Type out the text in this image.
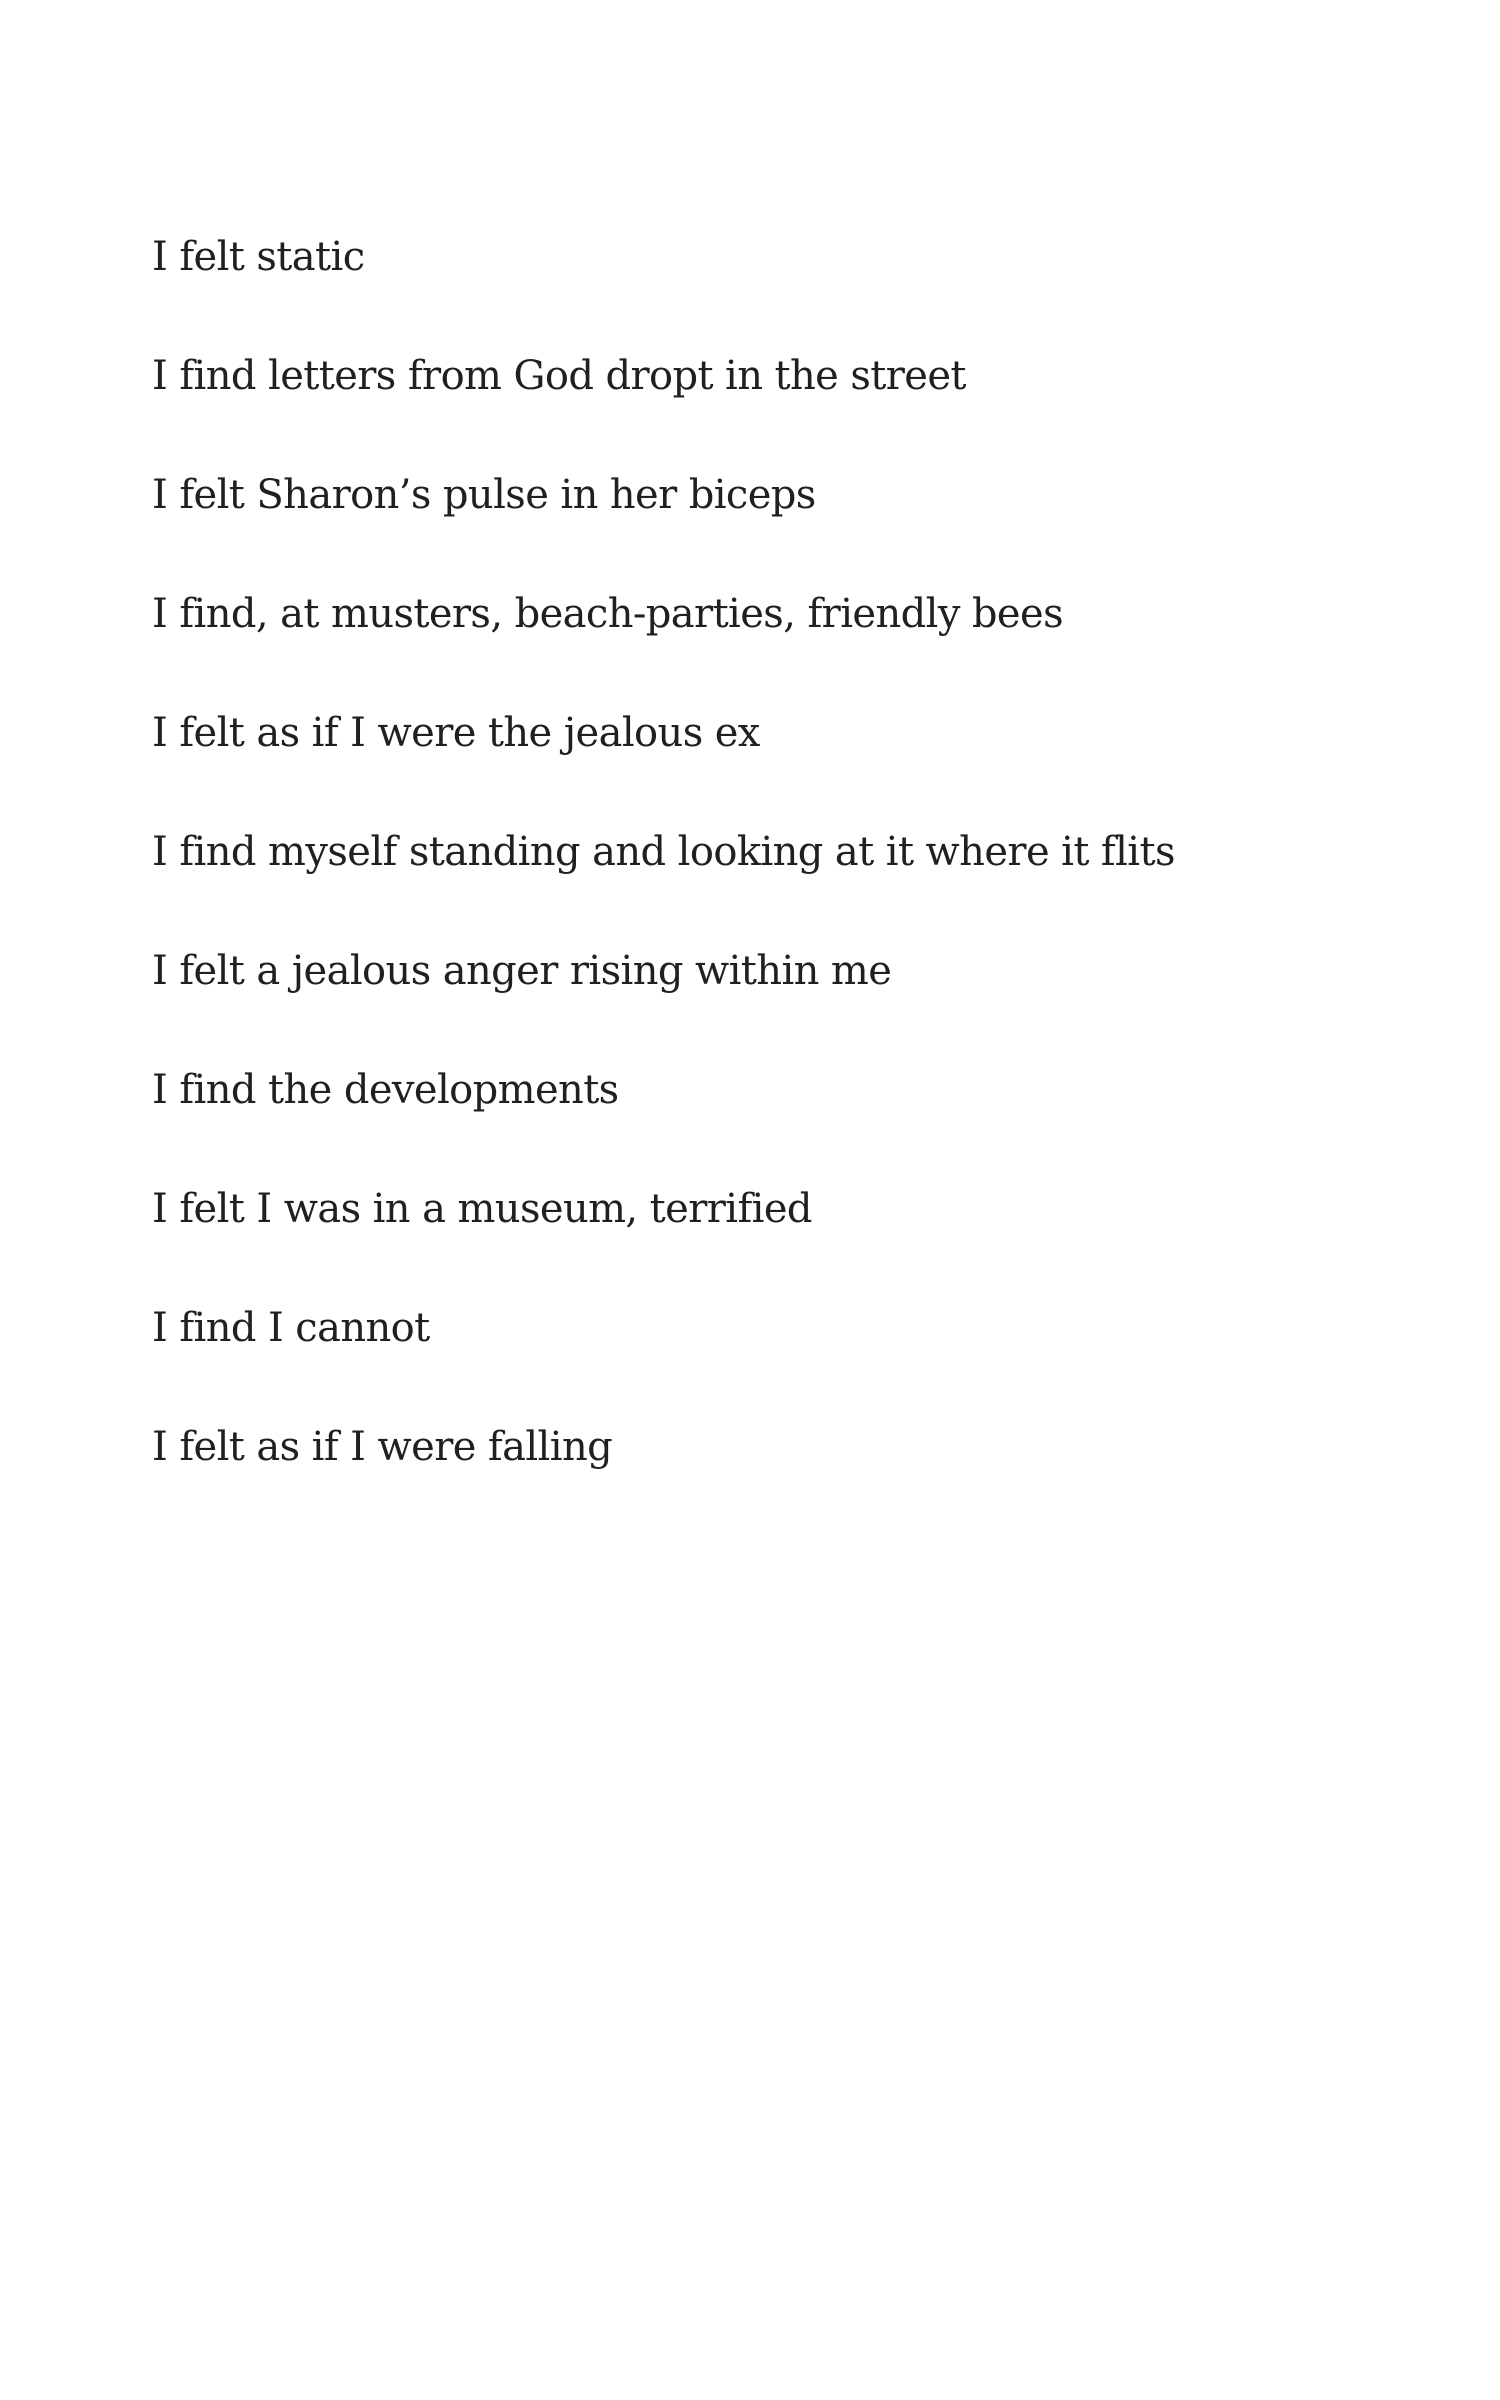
I felt static
I find letters from God dropt in the street
I felt Sharon’s pulse in her biceps
I find, at musters, beach-parties, friendly bees
I felt as if I were the jealous ex
I find myself standing and looking at it where it flits
I felt a jealous anger rising within me
I find the developments
I felt I was in a museum, terrified
I find I cannot
I felt as if I were falling
